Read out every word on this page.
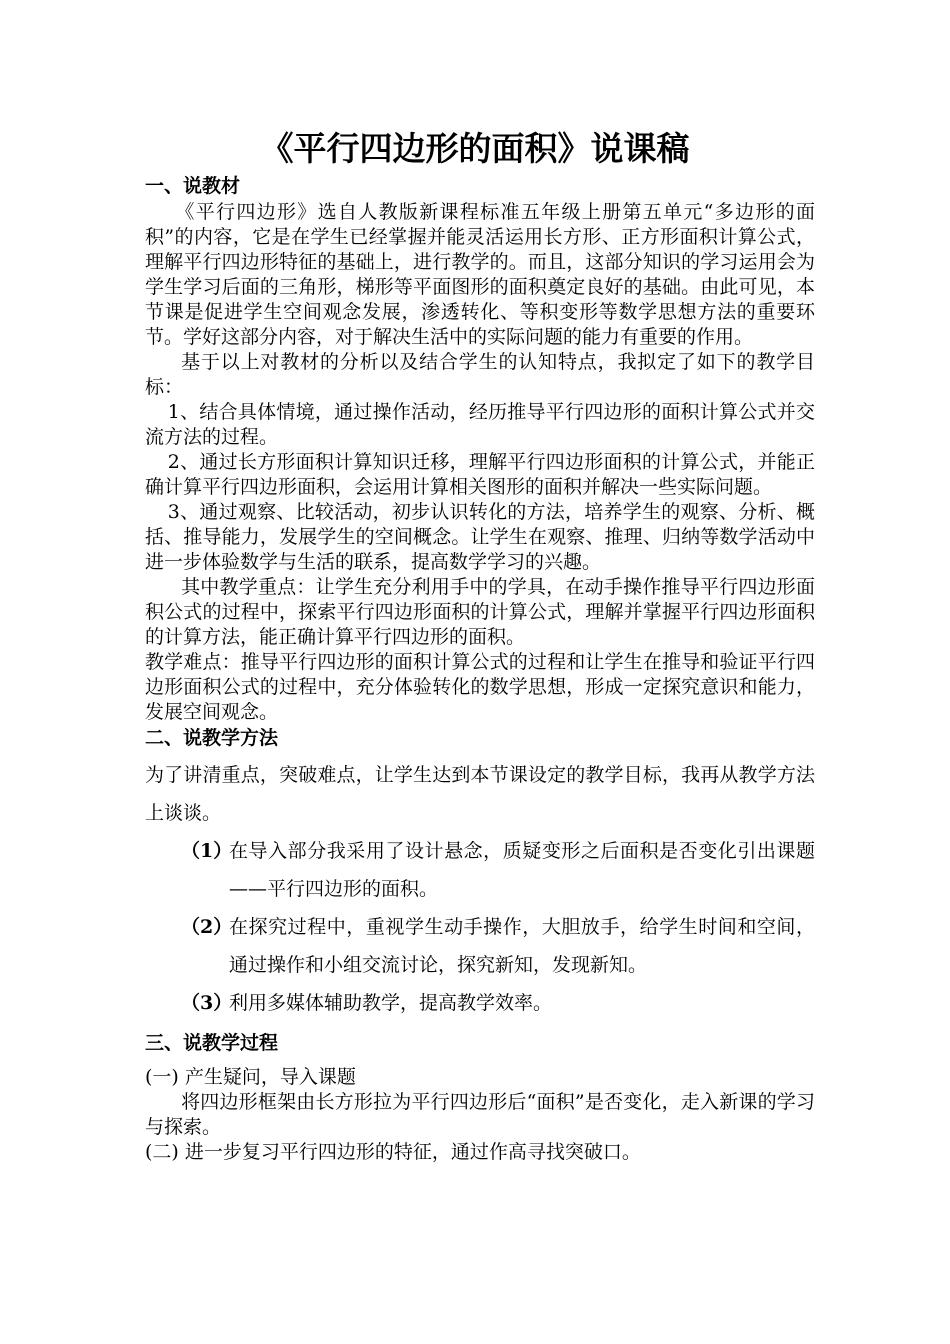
《平行四边形的面积》说课稿
一、说教材

《平行四边形》选自人教版新课程标准五年级上册第五单元“多边形的面积”的内容，它是在学生已经掌握并能灵活运用长方形、正方形面积计算公式，理解平行四边形特征的基础上，进行教学的。而且，这部分知识的学习运用会为学生学习后面的三角形，梯形等平面图形的面积奠定良好的基础。由此可见，本节课是促进学生空间观念发展，渗透转化、等积变形等数学思想方法的重要环节。学好这部分内容，对于解决生活中的实际问题的能力有重要的作用。

基于以上对教材的分析以及结合学生的认知特点，我拟定了如下的教学目标：

1、结合具体情境，通过操作活动，经历推导平行四边形的面积计算公式并交流方法的过程。

2、通过长方形面积计算知识迁移，理解平行四边形面积的计算公式，并能正确计算平行四边形面积，会运用计算相关图形的面积并解决一些实际问题。

3、通过观察、比较活动，初步认识转化的方法，培养学生的观察、分析、概括、推导能力，发展学生的空间概念。让学生在观察、推理、归纳等数学活动中进一步体验数学与生活的联系，提高数学学习的兴趣。

其中教学重点：让学生充分利用手中的学具，在动手操作推导平行四边形面积公式的过程中，探索平行四边形面积的计算公式，理解并掌握平行四边形面积的计算方法，能正确计算平行四边形的面积。

教学难点：推导平行四边形的面积计算公式的过程和让学生在推导和验证平行四边形面积公式的过程中，充分体验转化的数学思想，形成一定探究意识和能力，发展空间观念。

二、说教学方法

为了讲清重点，突破难点，让学生达到本节课设定的教学目标，我再从教学方法上谈谈。

（1）
在导入部分我采用了设计悬念，质疑变形之后面积是否变化引出课题——平行四边形的面积。
（2）
在探究过程中，重视学生动手操作，大胆放手，给学生时间和空间，通过操作和小组交流讨论，探究新知，发现新知。
（3）
利用多媒体辅助教学，提高教学效率。
三、说教学过程

(一) 产生疑问，导入课题

将四边形框架由长方形拉为平行四边形后“面积”是否变化，走入新课的学习与探索。

(二) 进一步复习平行四边形的特征，通过作高寻找突破口。
